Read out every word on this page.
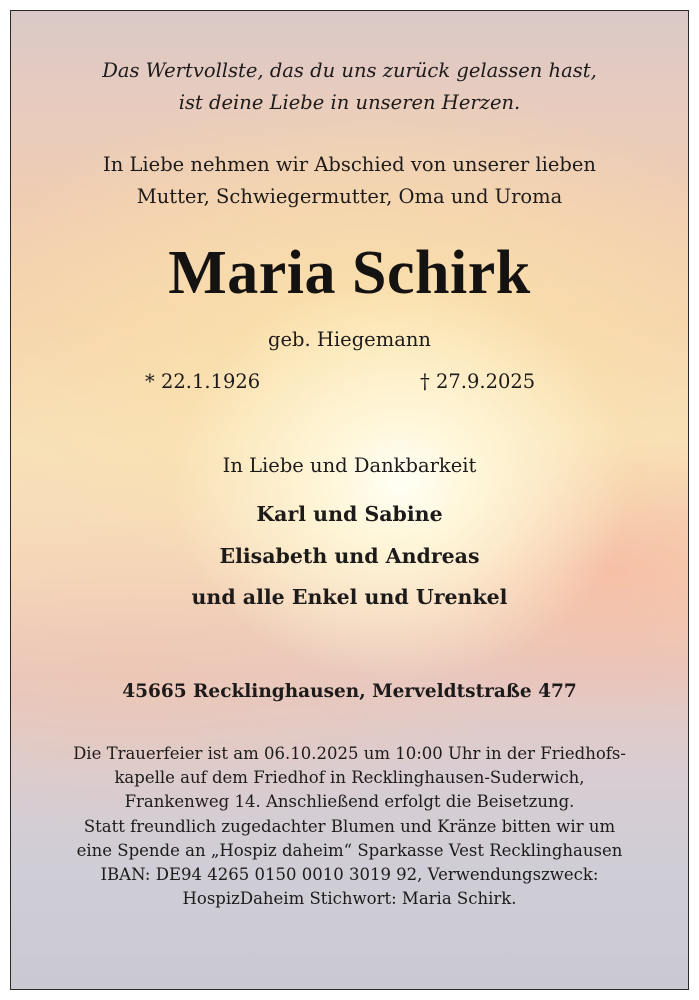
Das Wertvollste, das du uns zurück gelassen hast,

ist deine Liebe in unseren Herzen.

In Liebe nehmen wir Abschied von unserer lieben

Mutter, Schwiegermutter, Oma und Uroma

Maria Schirk

geb. Hiegemann

* 22.1.1926	† 27.9.2025

In Liebe und Dankbarkeit

Karl und Sabine

Elisabeth und Andreas

und alle Enkel und Urenkel

45665 Recklinghausen, Merveldtstraße 477

Die Trauerfeier ist am 06.10.2025 um 10:00 Uhr in der Friedhofs-

kapelle auf dem Friedhof in Recklinghausen-Suderwich,

Frankenweg 14. Anschließend erfolgt die Beisetzung.

Statt freundlich zugedachter Blumen und Kränze bitten wir um

eine Spende an „Hospiz daheim“ Sparkasse Vest Recklinghausen

IBAN: DE94 4265 0150 0010 3019 92, Verwendungszweck:

HospizDaheim Stichwort: Maria Schirk.
